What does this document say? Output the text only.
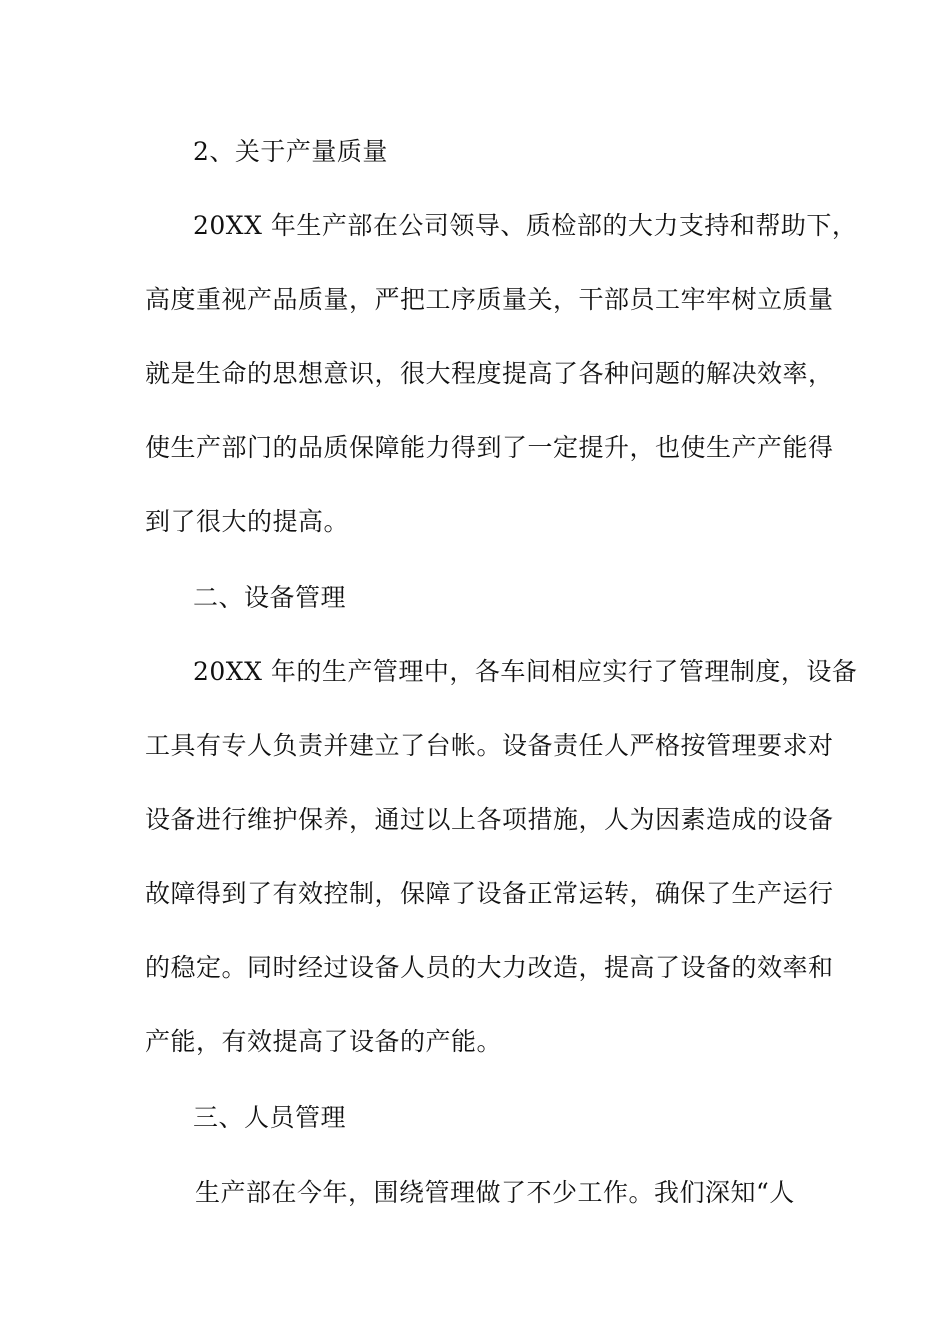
2、关于产量质量
20XX 年生产部在公司领导、质检部的大力支持和帮助下，
高度重视产品质量，严把工序质量关，干部员工牢牢树立质量
就是生命的思想意识，很大程度提高了各种问题的解决效率，
使生产部门的品质保障能力得到了一定提升，也使生产产能得
到了很大的提高。
二、设备管理
20XX 年的生产管理中，各车间相应实行了管理制度，设备
工具有专人负责并建立了台帐。设备责任人严格按管理要求对
设备进行维护保养，通过以上各项措施，人为因素造成的设备
故障得到了有效控制，保障了设备正常运转，确保了生产运行
的稳定。同时经过设备人员的大力改造，提高了设备的效率和
产能，有效提高了设备的产能。
三、人员管理
生产部在今年，围绕管理做了不少工作。我们深知“人
